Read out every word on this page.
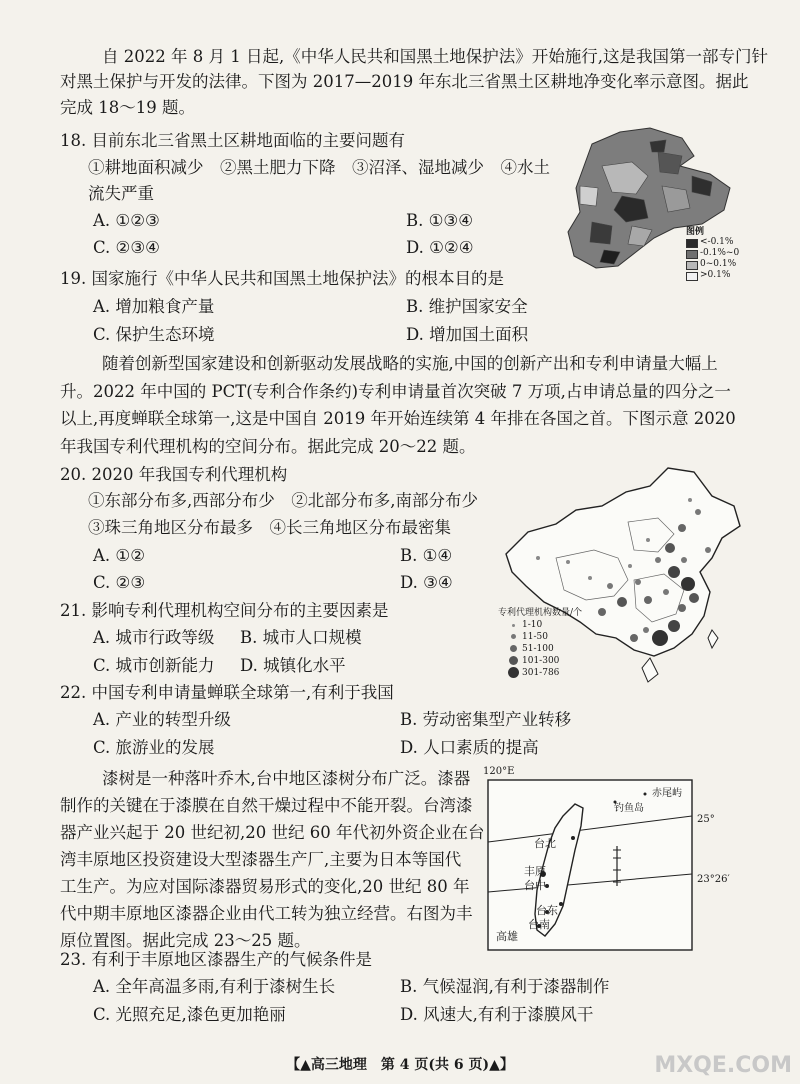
自 2022 年 8 月 1 日起,《中华人民共和国黑土地保护法》开始施行,这是我国第一部专门针
对黑土保护与开发的法律。下图为 2017—2019 年东北三省黑土区耕地净变化率示意图。据此
完成 18～19 题。
18. 目前东北三省黑土区耕地面临的主要问题有
①耕地面积减少　②黑土肥力下降　③沼泽、湿地减少　④水土
流失严重
A. ①②③	B. ①③④
C. ②③④	D. ①②④
图例
<-0.1%
-0.1%~0
0~0.1%
>0.1%
19. 国家施行《中华人民共和国黑土地保护法》的根本目的是
A. 增加粮食产量	B. 维护国家安全
C. 保护生态环境	D. 增加国土面积
随着创新型国家建设和创新驱动发展战略的实施,中国的创新产出和专利申请量大幅上
升。2022 年中国的 PCT(专利合作条约)专利申请量首次突破 7 万项,占申请总量的四分之一
以上,再度蝉联全球第一,这是中国自 2019 年开始连续第 4 年排在各国之首。下图示意 2020
年我国专利代理机构的空间分布。据此完成 20～22 题。
20. 2020 年我国专利代理机构
①东部分布多,西部分布少　②北部分布多,南部分布少
③珠三角地区分布最多　④长三角地区分布最密集
A. ①②	B. ①④
C. ②③	D. ③④
专利代理机构数量/个
1-10
11-50
51-100
101-300
301-786
21. 影响专利代理机构空间分布的主要因素是
A. 城市行政等级 B. 城市人口规模
C. 城市创新能力 D. 城镇化水平
22. 中国专利申请量蝉联全球第一,有利于我国
A. 产业的转型升级	B. 劳动密集型产业转移
C. 旅游业的发展	D. 人口素质的提高
漆树是一种落叶乔木,台中地区漆树分布广泛。漆器
制作的关键在于漆膜在自然干燥过程中不能开裂。台湾漆
器产业兴起于 20 世纪初,20 世纪 60 年代初外资企业在台
湾丰原地区投资建设大型漆器生产厂,主要为日本等国代
工生产。为应对国际漆器贸易形式的变化,20 世纪 80 年
代中期丰原地区漆器企业由代工转为独立经营。右图为丰
原位置图。据此完成 23～25 题。
120°E
25°
23°26′
赤尾屿
钓鱼岛
台北
丰原
台中
台东
台南
高雄
23. 有利于丰原地区漆器生产的气候条件是
A. 全年高温多雨,有利于漆树生长	B. 气候湿润,有利于漆器制作
C. 光照充足,漆色更加艳丽	D. 风速大,有利于漆膜风干
【▲高三地理　第 4 页(共 6 页)▲】	MXQE.COM
